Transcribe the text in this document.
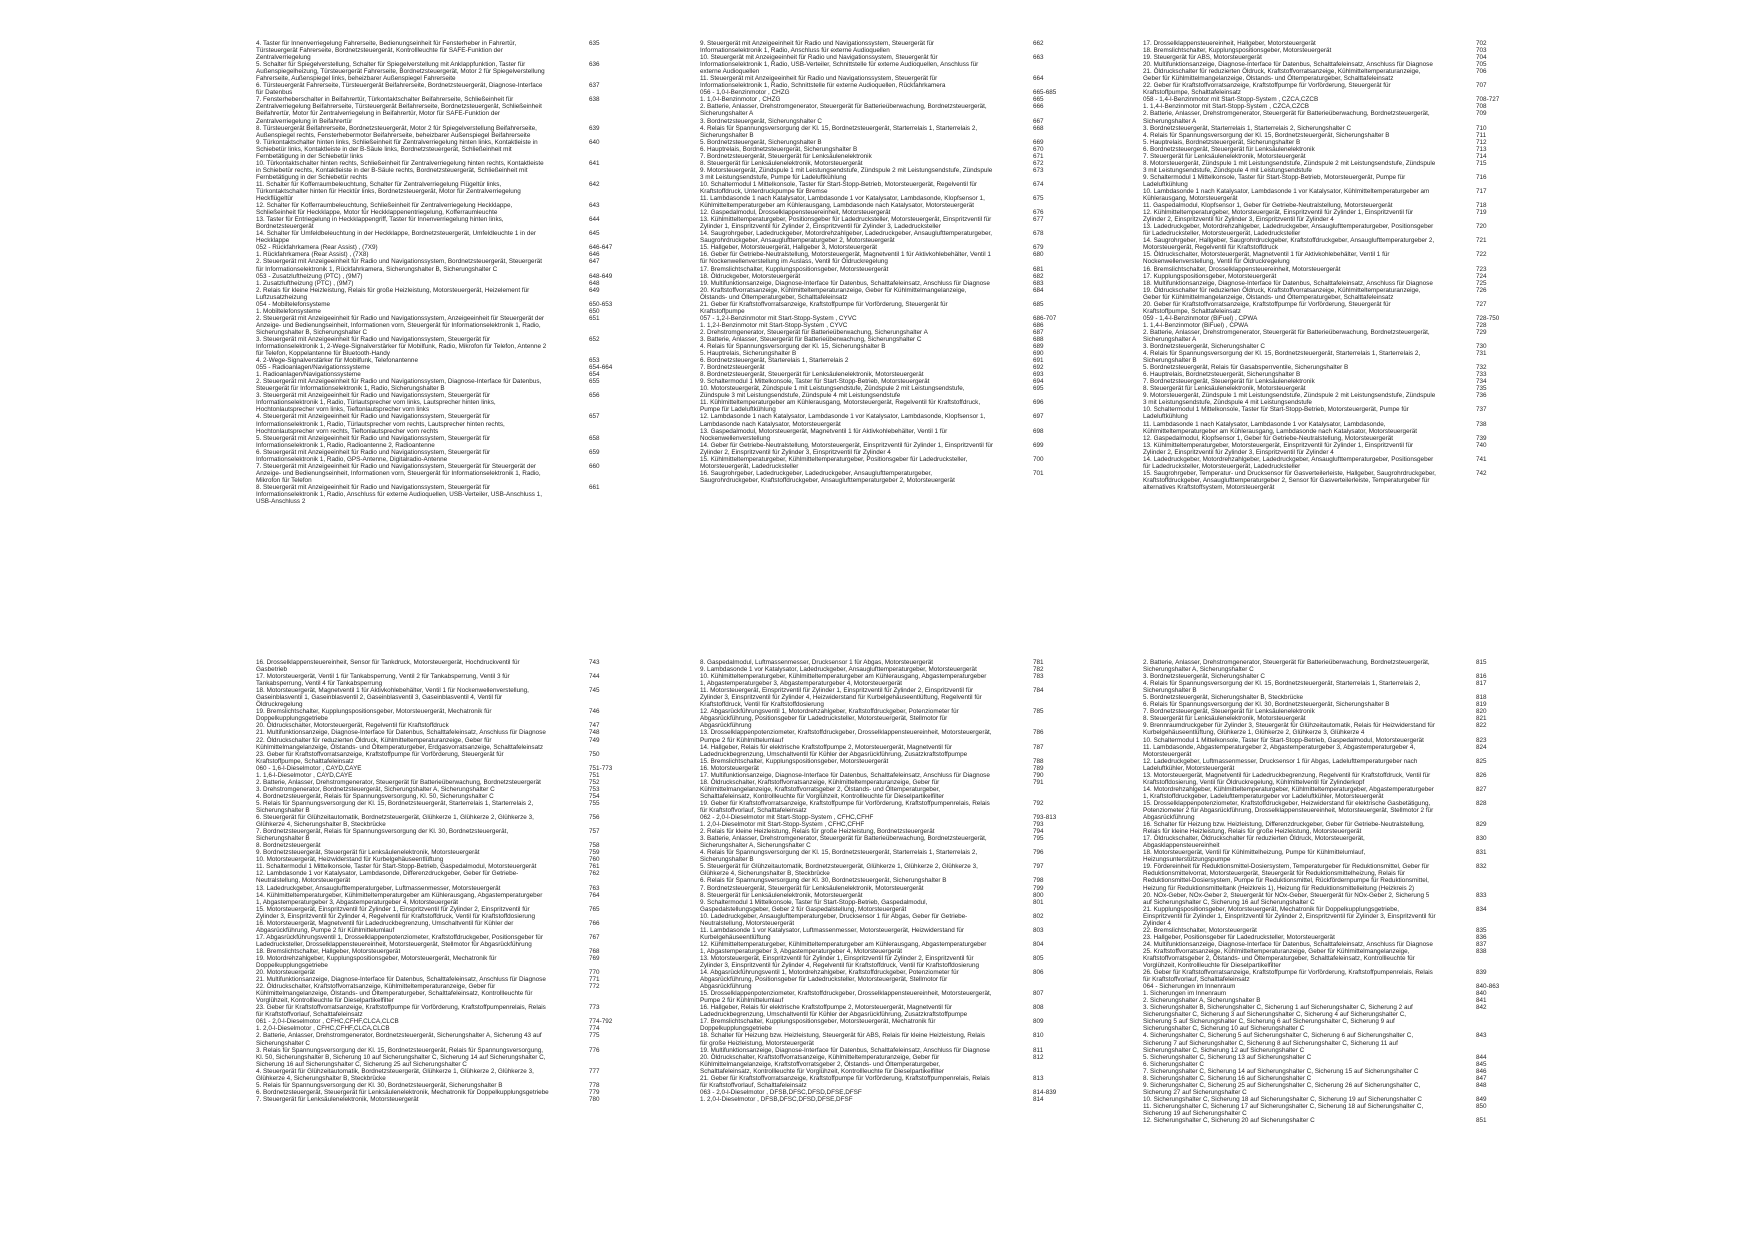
4. Taster für Innenverriegelung Fahrerseite, Bedienungseinheit für Fensterheber in Fahrertür, Türsteuergerät Fahrerseite, Bordnetzsteuergerät, Kontrollleuchte für SAFE-Funktion der Zentralverriegelung
635
5. Schalter für Spiegelverstellung, Schalter für Spiegelverstellung mit Anklappfunktion, Taster für Außenspiegelheizung, Türsteuergerät Fahrerseite, Bordnetzsteuergerät, Motor 2 für Spiegelverstellung Fahrerseite, Außenspiegel links, beheizbarer Außenspiegel Fahrerseite
636
6. Türsteuergerät Fahrerseite, Türsteuergerät Beifahrerseite, Bordnetzsteuergerät, Diagnose-Interface für Datenbus
637
7. Fensterheberschalter in Beifahrertür, Türkontaktschalter Beifahrerseite, Schließeinheit für Zentralverriegelung Beifahrerseite, Türsteuergerät Beifahrerseite, Bordnetzsteuergerät, Schließeinheit Beifahrertür, Motor für Zentralverriegelung in Beifahrertür, Motor für SAFE-Funktion der Zentralverriegelung in Beifahrertür
638
8. Türsteuergerät Beifahrerseite, Bordnetzsteuergerät, Motor 2 für Spiegelverstellung Beifahrerseite, Außenspiegel rechts, Fensterhebermotor Beifahrerseite, beheizbarer Außenspiegel Beifahrerseite
639
9. Türkontaktschalter hinten links, Schließeinheit für Zentralverriegelung hinten links, Kontaktleiste in Schiebetür links, Kontaktleiste in der B-Säule links, Bordnetzsteuergerät, Schließeinheit mit Fernbetätigung in der Schiebetür links
640
10. Türkontaktschalter hinten rechts, Schließeinheit für Zentralverriegelung hinten rechts, Kontaktleiste in Schiebetür rechts, Kontaktleiste in der B-Säule rechts, Bordnetzsteuergerät, Schließeinheit mit Fernbetätigung in der Schiebetür rechts
641
11. Schalter für Kofferraumbeleuchtung, Schalter für Zentralverriegelung Flügeltür links, Türkontaktschalter hinten für Hecktür links, Bordnetzsteuergerät, Motor für Zentralverriegelung Heckflügeltür
642
12. Schalter für Kofferraumbeleuchtung, Schließeinheit für Zentralverriegelung Heckklappe, Schließeinheit für Heckklappe, Motor für Heckklappenentriegelung, Kofferraumleuchte
643
13. Taster für Entriegelung in Heckklappengriff, Taster für Innenverriegelung hinten links, Bordnetzsteuergerät
644
14. Schalter für Umfeldbeleuchtung in der Heckklappe, Bordnetzsteuergerät, Umfeldleuchte 1 in der Heckklappe
645
052 - Rückfahrkamera (Rear Assist) , (7X9)	646-647
1. Rückfahrkamera (Rear Assist) , (7X8)	646
2. Steuergerät mit Anzeigeeinheit für Radio und Navigationssystem, Bordnetzsteuergerät, Steuergerät für Informationselektronik 1, Rückfahrkamera, Sicherungshalter B, Sicherungshalter C
647
053 - Zusatzluftheizung (PTC) , (9M7)	648-649
1. Zusatzluftheizung (PTC) , (9M7)	648
2. Relais für kleine Heizleistung, Relais für große Heizleistung, Motorsteuergerät, Heizelement für Luftzusatzheizung
649
054 - Mobiltelefonsysteme	650-653
1. Mobiltelefonsysteme	650
2. Steuergerät mit Anzeigeeinheit für Radio und Navigationssystem, Anzeigeeinheit für Steuergerät der Anzeige- und Bedienungseinheit, Informationen vorn, Steuergerät für Informationselektronik 1, Radio, Sicherungshalter B, Sicherungshalter C
651
3. Steuergerät mit Anzeigeeinheit für Radio und Navigationssystem, Steuergerät für Informationselektronik 1, 2-Wege-Signalverstärker für Mobilfunk, Radio, Mikrofon für Telefon, Antenne 2 für Telefon, Koppelantenne für Bluetooth-Handy
652
4. 2-Wege-Signalverstärker für Mobilfunk, Telefonantenne	653
055 - Radioanlagen/Navigationssysteme	654-664
1. Radioanlagen/Navigationssysteme	654
2. Steuergerät mit Anzeigeeinheit für Radio und Navigationssystem, Diagnose-Interface für Datenbus, Steuergerät für Informationselektronik 1, Radio, Sicherungshalter B
655
3. Steuergerät mit Anzeigeeinheit für Radio und Navigationssystem, Steuergerät für Informationselektronik 1, Radio, Türlautsprecher vorn links, Lautsprecher hinten links, Hochtonlautsprecher vorn links, Tieftonlautsprecher vorn links
656
4. Steuergerät mit Anzeigeeinheit für Radio und Navigationssystem, Steuergerät für Informationselektronik 1, Radio, Türlautsprecher vorn rechts, Lautsprecher hinten rechts, Hochtonlautsprecher vorn rechts, Tieftonlautsprecher vorn rechts
657
5. Steuergerät mit Anzeigeeinheit für Radio und Navigationssystem, Steuergerät für Informationselektronik 1, Radio, Radioantenne 2, Radioantenne
658
6. Steuergerät mit Anzeigeeinheit für Radio und Navigationssystem, Steuergerät für Informationselektronik 1, Radio, GPS-Antenne, Digitalradio-Antenne
659
7. Steuergerät mit Anzeigeeinheit für Radio und Navigationssystem, Steuergerät für Steuergerät der Anzeige- und Bedienungseinheit, Informationen vorn, Steuergerät für Informationselektronik 1, Radio, Mikrofon für Telefon
660
8. Steuergerät mit Anzeigeeinheit für Radio und Navigationssystem, Steuergerät für Informationselektronik 1, Radio, Anschluss für externe Audioquellen, USB-Verteiler, USB-Anschluss 1, USB-Anschluss 2
661
9. Steuergerät mit Anzeigeeinheit für Radio und Navigationssystem, Steuergerät für Informationselektronik 1, Radio, Anschluss für externe Audioquellen
662
10. Steuergerät mit Anzeigeeinheit für Radio und Navigationssystem, Steuergerät für Informationselektronik 1, Radio, USB-Verteiler, Schnittstelle für externe Audioquellen, Anschluss für externe Audioquellen
663
11. Steuergerät mit Anzeigeeinheit für Radio und Navigationssystem, Steuergerät für Informationselektronik 1, Radio, Schnittstelle für externe Audioquellen, Rückfahrkamera
664
056 - 1,0-l-Benzinmotor , CHZG	665-685
1. 1,0-l-Benzinmotor , CHZG	665
2. Batterie, Anlasser, Drehstromgenerator, Steuergerät für Batterieüberwachung, Bordnetzsteuergerät, Sicherungshalter A
666
3. Bordnetzsteuergerät, Sicherungshalter C	667
4. Relais für Spannungsversorgung der Kl. 15, Bordnetzsteuergerät, Starterrelais 1, Starterrelais 2, Sicherungshalter B
668
5. Bordnetzsteuergerät, Sicherungshalter B	669
6. Hauptrelais, Bordnetzsteuergerät, Sicherungshalter B	670
7. Bordnetzsteuergerät, Steuergerät für Lenksäulenelektronik	671
8. Steuergerät für Lenksäulenelektronik, Motorsteuergerät	672
9. Motorsteuergerät, Zündspule 1 mit Leistungsendstufe, Zündspule 2 mit Leistungsendstufe, Zündspule 3 mit Leistungsendstufe, Pumpe für Ladeluftkühlung
673
10. Schaltermodul 1 Mittelkonsole, Taster für Start-Stopp-Betrieb, Motorsteuergerät, Regelventil für Kraftstoffdruck, Unterdruckpumpe für Bremse
674
11. Lambdasonde 1 nach Katalysator, Lambdasonde 1 vor Katalysator, Lambdasonde, Klopfsensor 1, Kühlmitteltemperaturgeber am Kühlerausgang, Lambdasonde nach Katalysator, Motorsteuergerät
675
12. Gaspedalmodul, Drosselklappensteuereinheit, Motorsteuergerät	676
13. Kühlmitteltemperaturgeber, Positionsgeber für Ladedrucksteller, Motorsteuergerät, Einspritzventil für Zylinder 1, Einspritzventil für Zylinder 2, Einspritzventil für Zylinder 3, Ladedrucksteller
677
14. Saugrohrgeber, Ladedruckgeber, Motordrehzahlgeber, Ladedruckgeber, Ansauglufttemperaturgeber, Saugrohrdruckgeber, Ansauglufttemperaturgeber 2, Motorsteuergerät
678
15. Hallgeber, Motorsteuergerät, Hallgeber 3, Motorsteuergerät	679
16. Geber für Getriebe-Neutralstellung, Motorsteuergerät, Magnetventil 1 für Aktivkohlebehälter, Ventil 1 für Nockenwellenverstellung im Auslass, Ventil für Öldruckregelung
680
17. Bremslichtschalter, Kupplungspositionsgeber, Motorsteuergerät	681
18. Öldruckgeber, Motorsteuergerät	682
19. Multifunktionsanzeige, Diagnose-Interface für Datenbus, Schalttafeleinsatz, Anschluss für Diagnose	683
20. Kraftstoffvorratsanzeige, Kühlmitteltemperaturanzeige, Geber für Kühlmittelmangelanzeige, Ölstands- und Öltemperaturgeber, Schalttafeleinsatz
684
21. Geber für Kraftstoffvorratsanzeige, Kraftstoffpumpe für Vorförderung, Steuergerät für Kraftstoffpumpe
685
057 - 1,2-l-Benzinmotor mit Start-Stopp-System , CYVC	686-707
1. 1,2-l-Benzinmotor mit Start-Stopp-System , CYVC	686
2. Drehstromgenerator, Steuergerät für Batterieüberwachung, Sicherungshalter A	687
3. Batterie, Anlasser, Steuergerät für Batterieüberwachung, Sicherungshalter C	688
4. Relais für Spannungsversorgung der Kl. 15, Sicherungshalter B	689
5. Hauptrelais, Sicherungshalter B	690
6. Bordnetzsteuergerät, Starterelais 1, Starterrelais 2	691
7. Bordnetzsteuergerät	692
8. Bordnetzsteuergerät, Steuergerät für Lenksäulenelektronik, Motorsteuergerät	693
9. Schaltermodul 1 Mittelkonsole, Taster für Start-Stopp-Betrieb, Motorsteuergerät	694
10. Motorsteuergerät, Zündspule 1 mit Leistungsendstufe, Zündspule 2 mit Leistungsendstufe, Zündspule 3 mit Leistungsendstufe, Zündspule 4 mit Leistungsendstufe
695
11. Kühlmitteltemperaturgeber am Kühlerausgang, Motorsteuergerät, Regelventil für Kraftstoffdruck, Pumpe für Ladeluftkühlung
696
12. Lambdasonde 1 nach Katalysator, Lambdasonde 1 vor Katalysator, Lambdasonde, Klopfsensor 1, Lambdasonde nach Katalysator, Motorsteuergerät
697
13. Gaspedalmodul, Motorsteuergerät, Magnetventil 1 für Aktivkohlebehälter, Ventil 1 für Nockenwellenverstellung
698
14. Geber für Getriebe-Neutralstellung, Motorsteuergerät, Einspritzventil für Zylinder 1, Einspritzventil für Zylinder 2, Einspritzventil für Zylinder 3, Einspritzventil für Zylinder 4
699
15. Kühlmitteltemperaturgeber, Kühlmitteltemperaturgeber, Positionsgeber für Ladedrucksteller, Motorsteuergerät, Ladedrucksteller
700
16. Saugrohrgeber, Ladedruckgeber, Ladedruckgeber, Ansauglufttemperaturgeber, Saugrohrdruckgeber, Kraftstoffdruckgeber, Ansauglufttemperaturgeber 2, Motorsteuergerät
701
17. Drosselklappensteuereinheit, Hallgeber, Motorsteuergerät	702
18. Bremslichtschalter, Kupplungspositionsgeber, Motorsteuergerät	703
19. Steuergerät für ABS, Motorsteuergerät	704
20. Multifunktionsanzeige, Diagnose-Interface für Datenbus, Schalttafeleinsatz, Anschluss für Diagnose	705
21. Öldruckschalter für reduzierten Öldruck, Kraftstoffvorratsanzeige, Kühlmitteltemperaturanzeige, Geber für Kühlmittelmangelanzeige, Ölstands- und Öltemperaturgeber, Schalttafeleinsatz
706
22. Geber für Kraftstoffvorratsanzeige, Kraftstoffpumpe für Vorförderung, Steuergerät für Kraftstoffpumpe, Schalttafeleinsatz
707
058 - 1,4-l-Benzinmotor mit Start-Stopp-System , CZCA,CZCB	708-727
1. 1,4-l-Benzinmotor mit Start-Stopp-System , CZCA,CZCB	708
2. Batterie, Anlasser, Drehstromgenerator, Steuergerät für Batterieüberwachung, Bordnetzsteuergerät, Sicherungshalter A
709
3. Bordnetzsteuergerät, Starterrelais 1, Starterrelais 2, Sicherungshalter C	710
4. Relais für Spannungsversorgung der Kl. 15, Bordnetzsteuergerät, Sicherungshalter B	711
5. Hauptrelais, Bordnetzsteuergerät, Sicherungshalter B	712
6. Bordnetzsteuergerät, Steuergerät für Lenksäulenelektronik	713
7. Steuergerät für Lenksäulenelektronik, Motorsteuergerät	714
8. Motorsteuergerät, Zündspule 1 mit Leistungsendstufe, Zündspule 2 mit Leistungsendstufe, Zündspule 3 mit Leistungsendstufe, Zündspule 4 mit Leistungsendstufe
715
9. Schaltermodul 1 Mittelkonsole, Taster für Start-Stopp-Betrieb, Motorsteuergerät, Pumpe für Ladeluftkühlung
716
10. Lambdasonde 1 nach Katalysator, Lambdasonde 1 vor Katalysator, Kühlmitteltemperaturgeber am Kühlerausgang, Motorsteuergerät
717
11. Gaspedalmodul, Klopfsensor 1, Geber für Getriebe-Neutralstellung, Motorsteuergerät	718
12. Kühlmitteltemperaturgeber, Motorsteuergerät, Einspritzventil für Zylinder 1, Einspritzventil für Zylinder 2, Einspritzventil für Zylinder 3, Einspritzventil für Zylinder 4
719
13. Ladedruckgeber, Motordrehzahlgeber, Ladedruckgeber, Ansauglufttemperaturgeber, Positionsgeber für Ladedrucksteller, Motorsteuergerät, Ladedrucksteller
720
14. Saugrohrgeber, Hallgeber, Saugrohrdruckgeber, Kraftstoffdruckgeber, Ansauglufttemperaturgeber 2, Motorsteuergerät, Regelventil für Kraftstoffdruck
721
15. Öldruckschalter, Motorsteuergerät, Magnetventil 1 für Aktivkohlebehälter, Ventil 1 für Nockenwellenverstellung, Ventil für Öldruckregelung
722
16. Bremslichtschalter, Drosselklappensteuereinheit, Motorsteuergerät	723
17. Kupplungspositionsgeber, Motorsteuergerät	724
18. Multifunktionsanzeige, Diagnose-Interface für Datenbus, Schalttafeleinsatz, Anschluss für Diagnose	725
19. Öldruckschalter für reduzierten Öldruck, Kraftstoffvorratsanzeige, Kühlmitteltemperaturanzeige, Geber für Kühlmittelmangelanzeige, Ölstands- und Öltemperaturgeber, Schalttafeleinsatz
726
20. Geber für Kraftstoffvorratsanzeige, Kraftstoffpumpe für Vorförderung, Steuergerät für Kraftstoffpumpe, Schalttafeleinsatz
727
059 - 1,4-l-Benzinmotor (BiFuel) , CPWA	728-750
1. 1,4-l-Benzinmotor (BiFuel) , CPWA	728
2. Batterie, Anlasser, Drehstromgenerator, Steuergerät für Batterieüberwachung, Bordnetzsteuergerät, Sicherungshalter A
729
3. Bordnetzsteuergerät, Sicherungshalter C	730
4. Relais für Spannungsversorgung der Kl. 15, Bordnetzsteuergerät, Starterrelais 1, Starterrelais 2, Sicherungshalter B
731
5. Bordnetzsteuergerät, Relais für Gasabsperrventile, Sicherungshalter B	732
6. Hauptrelais, Bordnetzsteuergerät, Sicherungshalter B	733
7. Bordnetzsteuergerät, Steuergerät für Lenksäulenelektronik	734
8. Steuergerät für Lenksäulenelektronik, Motorsteuergerät	735
9. Motorsteuergerät, Zündspule 1 mit Leistungsendstufe, Zündspule 2 mit Leistungsendstufe, Zündspule 3 mit Leistungsendstufe, Zündspule 4 mit Leistungsendstufe
736
10. Schaltermodul 1 Mittelkonsole, Taster für Start-Stopp-Betrieb, Motorsteuergerät, Pumpe für Ladeluftkühlung
737
11. Lambdasonde 1 nach Katalysator, Lambdasonde 1 vor Katalysator, Lambdasonde, Kühlmitteltemperaturgeber am Kühlerausgang, Lambdasonde nach Katalysator, Motorsteuergerät
738
12. Gaspedalmodul, Klopfsensor 1, Geber für Getriebe-Neutralstellung, Motorsteuergerät	739
13. Kühlmitteltemperaturgeber, Motorsteuergerät, Einspritzventil für Zylinder 1, Einspritzventil für Zylinder 2, Einspritzventil für Zylinder 3, Einspritzventil für Zylinder 4
740
14. Ladedruckgeber, Motordrehzahlgeber, Ladedruckgeber, Ansauglufttemperaturgeber, Positionsgeber für Ladedrucksteller, Motorsteuergerät, Ladedrucksteller
741
15. Saugrohrgeber, Temperatur- und Drucksensor für Gasverteilerleiste, Hallgeber, Saugrohrdruckgeber, Kraftstoffdruckgeber, Ansauglufttemperaturgeber 2, Sensor für Gasverteilerleiste, Temperaturgeber für alternatives Kraftstoffsystem, Motorsteuergerät
742
16. Drosselklappensteuereinheit, Sensor für Tankdruck, Motorsteuergerät, Hochdruckventil für Gasbetrieb
743
17. Motorsteuergerät, Ventil 1 für Tankabsperrung, Ventil 2 für Tankabsperrung, Ventil 3 für Tankabsperrung, Ventil 4 für Tankabsperrung
744
18. Motorsteuergerät, Magnetventil 1 für Aktivkohlebehälter, Ventil 1 für Nockenwellenverstellung, Gaseinblasventil 1, Gaseinblasventil 2, Gaseinblasventil 3, Gaseinblasventil 4, Ventil für Öldruckregelung
745
19. Bremslichtschalter, Kupplungspositionsgeber, Motorsteuergerät, Mechatronik für Doppelkupplungsgetriebe
746
20. Öldruckschalter, Motorsteuergerät, Regelventil für Kraftstoffdruck	747
21. Multifunktionsanzeige, Diagnose-Interface für Datenbus, Schalttafeleinsatz, Anschluss für Diagnose	748
22. Öldruckschalter für reduzierten Öldruck, Kühlmitteltemperaturanzeige, Geber für Kühlmittelmangelanzeige, Ölstands- und Öltemperaturgeber, Erdgasvorratsanzeige, Schalttafeleinsatz
749
23. Geber für Kraftstoffvorratsanzeige, Kraftstoffpumpe für Vorförderung, Steuergerät für Kraftstoffpumpe, Schalttafeleinsatz
750
060 - 1,6-l-Dieselmotor , CAYD,CAYE	751-773
1. 1,6-l-Dieselmotor , CAYD,CAYE	751
2. Batterie, Anlasser, Drehstromgenerator, Steuergerät für Batterieüberwachung, Bordnetzsteuergerät	752
3. Drehstromgenerator, Bordnetzsteuergerät, Sicherungshalter A, Sicherungshalter C	753
4. Bordnetzsteuergerät, Relais für Spannungsversorgung, Kl. 50, Sicherungshalter C	754
5. Relais für Spannungsversorgung der Kl. 15, Bordnetzsteuergerät, Starterrelais 1, Starterrelais 2, Sicherungshalter B
755
6. Steuergerät für Glühzeitautomatik, Bordnetzsteuergerät, Glühkerze 1, Glühkerze 2, Glühkerze 3, Glühkerze 4, Sicherungshalter B, Steckbrücke
756
7. Bordnetzsteuergerät, Relais für Spannungsversorgung der Kl. 30, Bordnetzsteuergerät, Sicherungshalter B
757
8. Bordnetzsteuergerät	758
9. Bordnetzsteuergerät, Steuergerät für Lenksäulenelektronik, Motorsteuergerät	759
10. Motorsteuergerät, Heizwiderstand für Kurbelgehäuseentlüftung	760
11. Schaltermodul 1 Mittelkonsole, Taster für Start-Stopp-Betrieb, Gaspedalmodul, Motorsteuergerät	761
12. Lambdasonde 1 vor Katalysator, Lambdasonde, Differenzdruckgeber, Geber für Getriebe-Neutralstellung, Motorsteuergerät
762
13. Ladedruckgeber, Ansauglufttemperaturgeber, Luftmassenmesser, Motorsteuergerät	763
14. Kühlmitteltemperaturgeber, Kühlmitteltemperaturgeber am Kühlerausgang, Abgastemperaturgeber 1, Abgastemperaturgeber 3, Abgastemperaturgeber 4, Motorsteuergerät
764
15. Motorsteuergerät, Einspritzventil für Zylinder 1, Einspritzventil für Zylinder 2, Einspritzventil für Zylinder 3, Einspritzventil für Zylinder 4, Regelventil für Kraftstoffdruck, Ventil für Kraftstoffdosierung
765
16. Motorsteuergerät, Magnetventil für Ladedruckbegrenzung, Umschaltventil für Kühler der Abgasrückführung, Pumpe 2 für Kühlmittelumlauf
766
17. Abgasrückführungsventil 1, Drosselklappenpotenziometer, Kraftstoffdruckgeber, Positionsgeber für Ladedrucksteller, Drosselklappensteuereinheit, Motorsteuergerät, Stellmotor für Abgasrückführung
767
18. Bremslichtschalter, Hallgeber, Motorsteuergerät	768
19. Motordrehzahlgeber, Kupplungspositionsgeber, Motorsteuergerät, Mechatronik für Doppelkupplungsgetriebe
769
20. Motorsteuergerät	770
21. Multifunktionsanzeige, Diagnose-Interface für Datenbus, Schalttafeleinsatz, Anschluss für Diagnose	771
22. Öldruckschalter, Kraftstoffvorratsanzeige, Kühlmitteltemperaturanzeige, Geber für Kühlmittelmangelanzeige, Ölstands- und Öltemperaturgeber, Schalttafeleinsatz, Kontrollleuchte für Vorglühzeit, Kontrollleuchte für Dieselpartikelfilter
772
23. Geber für Kraftstoffvorratsanzeige, Kraftstoffpumpe für Vorförderung, Kraftstoffpumpenrelais, Relais für Kraftstoffvorlauf, Schalttafeleinsatz
773
061 - 2,0-l-Dieselmotor , CFHC,CFHF,CLCA,CLCB	774-792
1. 2,0-l-Dieselmotor , CFHC,CFHF,CLCA,CLCB	774
2. Batterie, Anlasser, Drehstromgenerator, Bordnetzsteuergerät, Sicherungshalter A, Sicherung 43 auf Sicherungshalter C
775
3. Relais für Spannungsversorgung der Kl. 15, Bordnetzsteuergerät, Relais für Spannungsversorgung, Kl. 50, Sicherungshalter B, Sicherung 10 auf Sicherungshalter C, Sicherung 14 auf Sicherungshalter C, Sicherung 16 auf Sicherungshalter C, Sicherung 25 auf Sicherungshalter C
776
4. Steuergerät für Glühzeitautomatik, Bordnetzsteuergerät, Glühkerze 1, Glühkerze 2, Glühkerze 3, Glühkerze 4, Sicherungshalter B, Steckbrücke
777
5. Relais für Spannungsversorgung der Kl. 30, Bordnetzsteuergerät, Sicherungshalter B	778
6. Bordnetzsteuergerät, Steuergerät für Lenksäulenelektronik, Mechatronik für Doppelkupplungsgetriebe	779
7. Steuergerät für Lenksäulenelektronik, Motorsteuergerät	780
8. Gaspedalmodul, Luftmassenmesser, Drucksensor 1 für Abgas, Motorsteuergerät	781
9. Lambdasonde 1 vor Katalysator, Ladedruckgeber, Ansauglufttemperaturgeber, Motorsteuergerät	782
10. Kühlmitteltemperaturgeber, Kühlmitteltemperaturgeber am Kühlerausgang, Abgastemperaturgeber 1, Abgastemperaturgeber 3, Abgastemperaturgeber 4, Motorsteuergerät
783
11. Motorsteuergerät, Einspritzventil für Zylinder 1, Einspritzventil für Zylinder 2, Einspritzventil für Zylinder 3, Einspritzventil für Zylinder 4, Heizwiderstand für Kurbelgehäuseentlüftung, Regelventil für Kraftstoffdruck, Ventil für Kraftstoffdosierung
784
12. Abgasrückführungsventil 1, Motordrehzahlgeber, Kraftstoffdruckgeber, Potenziometer für Abgasrückführung, Positionsgeber für Ladedrucksteller, Motorsteuergerät, Stellmotor für Abgasrückführung
785
13. Drosselklappenpotenziometer, Kraftstoffdruckgeber, Drosselklappensteuereinheit, Motorsteuergerät, Pumpe 2 für Kühlmittelumlauf
786
14. Hallgeber, Relais für elektrische Kraftstoffpumpe 2, Motorsteuergerät, Magnetventil für Ladedruckbegrenzung, Umschaltventil für Kühler der Abgasrückführung, Zusatzkraftstoffpumpe
787
15. Bremslichtschalter, Kupplungspositionsgeber, Motorsteuergerät	788
16. Motorsteuergerät	789
17. Multifunktionsanzeige, Diagnose-Interface für Datenbus, Schalttafeleinsatz, Anschluss für Diagnose	790
18. Öldruckschalter, Kraftstoffvorratsanzeige, Kühlmitteltemperaturanzeige, Geber für Kühlmittelmangelanzeige, Kraftstoffvorratsgeber 2, Ölstands- und Öltemperaturgeber, Schalttafeleinsatz, Kontrollleuchte für Vorglühzeit, Kontrollleuchte für Dieselpartikelfilter
791
19. Geber für Kraftstoffvorratsanzeige, Kraftstoffpumpe für Vorförderung, Kraftstoffpumpenrelais, Relais für Kraftstoffvorlauf, Schalttafeleinsatz
792
062 - 2,0-l-Dieselmotor mit Start-Stopp-System , CFHC,CFHF	793-813
1. 2,0-l-Dieselmotor mit Start-Stopp-System , CFHC,CFHF	793
2. Relais für kleine Heizleistung, Relais für große Heizleistung, Bordnetzsteuergerät	794
3. Batterie, Anlasser, Drehstromgenerator, Steuergerät für Batterieüberwachung, Bordnetzsteuergerät, Sicherungshalter A, Sicherungshalter C
795
4. Relais für Spannungsversorgung der Kl. 15, Bordnetzsteuergerät, Starterrelais 1, Starterrelais 2, Sicherungshalter B
796
5. Steuergerät für Glühzeitautomatik, Bordnetzsteuergerät, Glühkerze 1, Glühkerze 2, Glühkerze 3, Glühkerze 4, Sicherungshalter B, Steckbrücke
797
6. Relais für Spannungsversorgung der Kl. 30, Bordnetzsteuergerät, Sicherungshalter B	798
7. Bordnetzsteuergerät, Steuergerät für Lenksäulenelektronik, Motorsteuergerät	799
8. Steuergerät für Lenksäulenelektronik, Motorsteuergerät	800
9. Schaltermodul 1 Mittelkonsole, Taster für Start-Stopp-Betrieb, Gaspedalmodul, Gaspedalstellungsgeber, Geber 2 für Gaspedalstellung, Motorsteuergerät
801
10. Ladedruckgeber, Ansauglufttemperaturgeber, Drucksensor 1 für Abgas, Geber für Getriebe-Neutralstellung, Motorsteuergerät
802
11. Lambdasonde 1 vor Katalysator, Luftmassenmesser, Motorsteuergerät, Heizwiderstand für Kurbelgehäuseentlüftung
803
12. Kühlmitteltemperaturgeber, Kühlmitteltemperaturgeber am Kühlerausgang, Abgastemperaturgeber 1, Abgastemperaturgeber 3, Abgastemperaturgeber 4, Motorsteuergerät
804
13. Motorsteuergerät, Einspritzventil für Zylinder 1, Einspritzventil für Zylinder 2, Einspritzventil für Zylinder 3, Einspritzventil für Zylinder 4, Regelventil für Kraftstoffdruck, Ventil für Kraftstoffdosierung
805
14. Abgasrückführungsventil 1, Motordrehzahlgeber, Kraftstoffdruckgeber, Potenziometer für Abgasrückführung, Positionsgeber für Ladedrucksteller, Motorsteuergerät, Stellmotor für Abgasrückführung
806
15. Drosselklappenpotenziometer, Kraftstoffdruckgeber, Drosselklappensteuereinheit, Motorsteuergerät, Pumpe 2 für Kühlmittelumlauf
807
16. Hallgeber, Relais für elektrische Kraftstoffpumpe 2, Motorsteuergerät, Magnetventil für Ladedruckbegrenzung, Umschaltventil für Kühler der Abgasrückführung, Zusatzkraftstoffpumpe
808
17. Bremslichtschalter, Kupplungspositionsgeber, Motorsteuergerät, Mechatronik für Doppelkupplungsgetriebe
809
18. Schalter für Heizung bzw. Heizleistung, Steuergerät für ABS, Relais für kleine Heizleistung, Relais für große Heizleistung, Motorsteuergerät
810
19. Multifunktionsanzeige, Diagnose-Interface für Datenbus, Schalttafeleinsatz, Anschluss für Diagnose	811
20. Öldruckschalter, Kraftstoffvorratsanzeige, Kühlmitteltemperaturanzeige, Geber für Kühlmittelmangelanzeige, Kraftstoffvorratsgeber 2, Ölstands- und Öltemperaturgeber, Schalttafeleinsatz, Kontrollleuchte für Vorglühzeit, Kontrollleuchte für Dieselpartikelfilter
812
21. Geber für Kraftstoffvorratsanzeige, Kraftstoffpumpe für Vorförderung, Kraftstoffpumpenrelais, Relais für Kraftstoffvorlauf, Schalttafeleinsatz
813
063 - 2,0-l-Dieselmotor , DFSB,DFSC,DFSD,DFSE,DFSF	814-839
1. 2,0-l-Dieselmotor , DFSB,DFSC,DFSD,DFSE,DFSF	814
2. Batterie, Anlasser, Drehstromgenerator, Steuergerät für Batterieüberwachung, Bordnetzsteuergerät, Sicherungshalter A, Sicherungshalter C
815
3. Bordnetzsteuergerät, Sicherungshalter C	816
4. Relais für Spannungsversorgung der Kl. 15, Bordnetzsteuergerät, Starterrelais 1, Starterrelais 2, Sicherungshalter B
817
5. Bordnetzsteuergerät, Sicherungshalter B, Steckbrücke	818
6. Relais für Spannungsversorgung der Kl. 30, Bordnetzsteuergerät, Sicherungshalter B	819
7. Bordnetzsteuergerät, Steuergerät für Lenksäulenelektronik	820
8. Steuergerät für Lenksäulenelektronik, Motorsteuergerät	821
9. Brennraumdruckgeber für Zylinder 3, Steuergerät für Glühzeitautomatik, Relais für Heizwiderstand für Kurbelgehäuseentlüftung, Glühkerze 1, Glühkerze 2, Glühkerze 3, Glühkerze 4
822
10. Schaltermodul 1 Mittelkonsole, Taster für Start-Stopp-Betrieb, Gaspedalmodul, Motorsteuergerät	823
11. Lambdasonde, Abgastemperaturgeber 2, Abgastemperaturgeber 3, Abgastemperaturgeber 4, Motorsteuergerät
824
12. Ladedruckgeber, Luftmassenmesser, Drucksensor 1 für Abgas, Ladelufttemperaturgeber nach Ladeluftkühler, Motorsteuergerät
825
13. Motorsteuergerät, Magnetventil für Ladedruckbegrenzung, Regelventil für Kraftstoffdruck, Ventil für Kraftstoffdosierung, Ventil für Öldruckregelung, Kühlmittelventil für Zylinderkopf
826
14. Motordrehzahlgeber, Kühlmitteltemperaturgeber, Kühlmitteltemperaturgeber, Abgastemperaturgeber 1, Kraftstoffdruckgeber, Ladelufttemperaturgeber vor Ladeluftkühler, Motorsteuergerät
827
15. Drosselklappenpotenziometer, Kraftstoffdruckgeber, Heizwiderstand für elektrische Gasbetätigung, Potenziometer 2 für Abgasrückführung, Drosselklappensteuereinheit, Motorsteuergerät, Stellmotor 2 für Abgasrückführung
828
16. Schalter für Heizung bzw. Heizleistung, Differenzdruckgeber, Geber für Getriebe-Neutralstellung, Relais für kleine Heizleistung, Relais für große Heizleistung, Motorsteuergerät
829
17. Öldruckschalter, Öldruckschalter für reduzierten Öldruck, Motorsteuergerät, Abgasklappensteuereinheit
830
18. Motorsteuergerät, Ventil für Kühlmittelheizung, Pumpe für Kühlmittelumlauf, Heizungsunterstützungspumpe
831
19. Fördereinheit für Reduktionsmittel-Dosiersystem, Temperaturgeber für Reduktionsmittel, Geber für Reduktionsmittelvorrat, Motorsteuergerät, Steuergerät für Reduktionsmittelheizung, Relais für Reduktionsmittel-Dosiersystem, Pumpe für Reduktionsmittel, Rückfördernpumpe für Reduktionsmittel, Heizung für Reduktionsmitteltank (Heizkreis 1), Heizung für Reduktionsmittelleitung (Heizkreis 2)
832
20. NOx-Geber, NOx-Geber 2, Steuergerät für NOx-Geber, Steuergerät für NOx-Geber 2, Sicherung 5 auf Sicherungshalter C, Sicherung 16 auf Sicherungshalter C
833
21. Kupplungspositionsgeber, Motorsteuergerät, Mechatronik für Doppelkupplungsgetriebe, Einspritzventil für Zylinder 1, Einspritzventil für Zylinder 2, Einspritzventil für Zylinder 3, Einspritzventil für Zylinder 4
834
22. Bremslichtschalter, Motorsteuergerät	835
23. Hallgeber, Positionsgeber für Ladedrucksteller, Motorsteuergerät	836
24. Multifunktionsanzeige, Diagnose-Interface für Datenbus, Schalttafeleinsatz, Anschluss für Diagnose	837
25. Kraftstoffvorratsanzeige, Kühlmitteltemperaturanzeige, Geber für Kühlmittelmangelanzeige, Kraftstoffvorratsgeber 2, Ölstands- und Öltemperaturgeber, Schalttafeleinsatz, Kontrollleuchte für Vorglühzeit, Kontrollleuchte für Dieselpartikelfilter
838
26. Geber für Kraftstoffvorratsanzeige, Kraftstoffpumpe für Vorförderung, Kraftstoffpumpenrelais, Relais für Kraftstoffvorlauf, Schalttafeleinsatz
839
064 - Sicherungen im Innenraum	840-863
1. Sicherungen im Innenraum	840
2. Sicherungshalter A, Sicherungshalter B	841
3. Sicherungshalter B, Sicherungshalter C, Sicherung 1 auf Sicherungshalter C, Sicherung 2 auf Sicherungshalter C, Sicherung 3 auf Sicherungshalter C, Sicherung 4 auf Sicherungshalter C, Sicherung 5 auf Sicherungshalter C, Sicherung 6 auf Sicherungshalter C, Sicherung 9 auf Sicherungshalter C, Sicherung 10 auf Sicherungshalter C
842
4. Sicherungshalter C, Sicherung 5 auf Sicherungshalter C, Sicherung 6 auf Sicherungshalter C, Sicherung 7 auf Sicherungshalter C, Sicherung 8 auf Sicherungshalter C, Sicherung 11 auf Sicherungshalter C, Sicherung 12 auf Sicherungshalter C
843
5. Sicherungshalter C, Sicherung 13 auf Sicherungshalter C	844
6. Sicherungshalter C	845
7. Sicherungshalter C, Sicherung 14 auf Sicherungshalter C, Sicherung 15 auf Sicherungshalter C	846
8. Sicherungshalter C, Sicherung 16 auf Sicherungshalter C	847
9. Sicherungshalter C, Sicherung 25 auf Sicherungshalter C, Sicherung 26 auf Sicherungshalter C, Sicherung 27 auf Sicherungshalter C
848
10. Sicherungshalter C, Sicherung 18 auf Sicherungshalter C, Sicherung 19 auf Sicherungshalter C	849
11. Sicherungshalter C, Sicherung 17 auf Sicherungshalter C, Sicherung 18 auf Sicherungshalter C, Sicherung 19 auf Sicherungshalter C
850
12. Sicherungshalter C, Sicherung 20 auf Sicherungshalter C	851
